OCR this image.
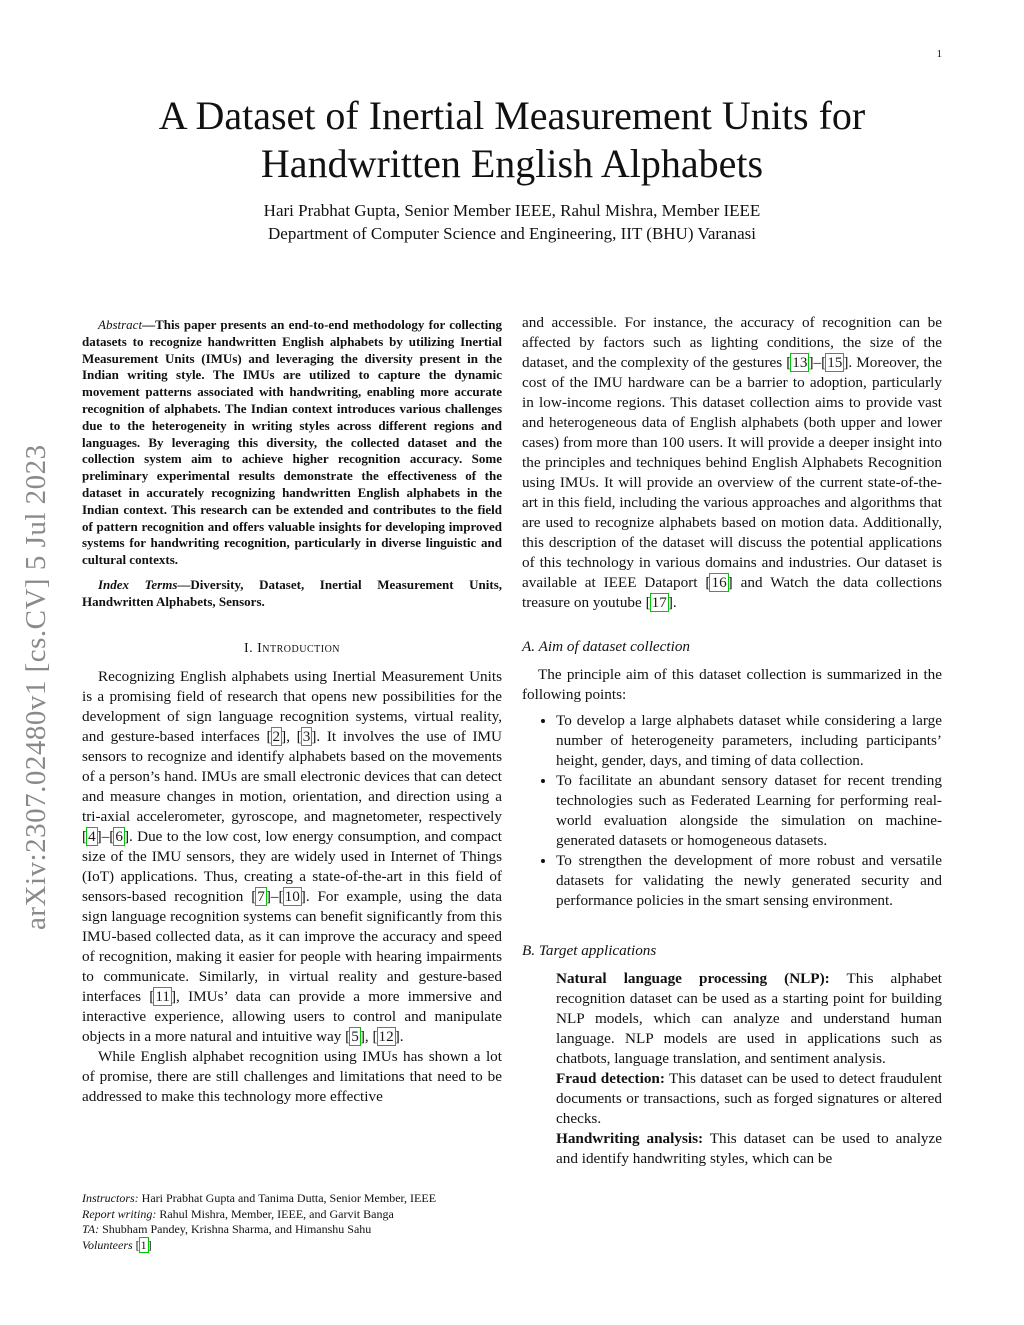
1
arXiv:2307.02480v1 [cs.CV] 5 Jul 2023
A Dataset of Inertial Measurement Units for
Handwritten English Alphabets
Hari Prabhat Gupta, Senior Member IEEE, Rahul Mishra, Member IEEE
Department of Computer Science and Engineering, IIT (BHU) Varanasi

Abstract—This paper presents an end-to-end methodology for collecting datasets to recognize handwritten English alphabets by utilizing Inertial Measurement Units (IMUs) and leveraging the diversity present in the Indian writing style. The IMUs are utilized to capture the dynamic movement patterns associated with handwriting, enabling more accurate recognition of alphabets. The Indian context introduces various challenges due to the heterogeneity in writing styles across different regions and languages. By leveraging this diversity, the collected dataset and the collection system aim to achieve higher recognition accuracy. Some preliminary experimental results demonstrate the effectiveness of the dataset in accurately recognizing handwritten English alphabets in the Indian context. This research can be extended and contributes to the field of pattern recognition and offers valuable insights for developing improved systems for handwriting recognition, particularly in diverse linguistic and cultural contexts.

Index Terms—Diversity, Dataset, Inertial Measurement Units, Handwritten Alphabets, Sensors.

I. Introduction

Recognizing English alphabets using Inertial Measurement Units is a promising field of research that opens new possibilities for the development of sign language recognition systems, virtual reality, and gesture-based interfaces [2], [3]. It involves the use of IMU sensors to recognize and identify alphabets based on the movements of a person’s hand. IMUs are small electronic devices that can detect and measure changes in motion, orientation, and direction using a tri-axial accelerometer, gyroscope, and magnetometer, respectively [4]–[6]. Due to the low cost, low energy consumption, and compact size of the IMU sensors, they are widely used in Internet of Things (IoT) applications. Thus, creating a state-of-the-art in this field of sensors-based recognition [7]–[10]. For example, using the data sign language recognition systems can benefit significantly from this IMU-based collected data, as it can improve the accuracy and speed of recognition, making it easier for people with hearing impairments to communicate. Similarly, in virtual reality and gesture-based interfaces [11], IMUs’ data can provide a more immersive and interactive experience, allowing users to control and manipulate objects in a more natural and intuitive way [5], [12].

While English alphabet recognition using IMUs has shown a lot of promise, there are still challenges and limitations that need to be addressed to make this technology more effective

Instructors: Hari Prabhat Gupta and Tanima Dutta, Senior Member, IEEE
Report writing: Rahul Mishra, Member, IEEE, and Garvit Banga
TA: Shubham Pandey, Krishna Sharma, and Himanshu Sahu
Volunteers [1]

and accessible. For instance, the accuracy of recognition can be affected by factors such as lighting conditions, the size of the dataset, and the complexity of the gestures [13]–[15]. Moreover, the cost of the IMU hardware can be a barrier to adoption, particularly in low-income regions. This dataset collection aims to provide vast and heterogeneous data of English alphabets (both upper and lower cases) from more than 100 users. It will provide a deeper insight into the principles and techniques behind English Alphabets Recognition using IMUs. It will provide an overview of the current state-of-the-art in this field, including the various approaches and algorithms that are used to recognize alphabets based on motion data. Additionally, this description of the dataset will discuss the potential applications of this technology in various domains and industries. Our dataset is available at IEEE Dataport [16] and Watch the data collections treasure on youtube [17].

A. Aim of dataset collection

The principle aim of this dataset collection is summarized in the following points:

• To develop a large alphabets dataset while considering a large number of heterogeneity parameters, including participants’ height, gender, days, and timing of data collection.
• To facilitate an abundant sensory dataset for recent trending technologies such as Federated Learning for performing real-world evaluation alongside the simulation on machine-generated datasets or homogeneous datasets.
• To strengthen the development of more robust and versatile datasets for validating the newly generated security and performance policies in the smart sensing environment.
B. Target applications

Natural language processing (NLP): This alphabet recognition dataset can be used as a starting point for building NLP models, which can analyze and understand human language. NLP models are used in applications such as chatbots, language translation, and sentiment analysis.

Fraud detection: This dataset can be used to detect fraudulent documents or transactions, such as forged signatures or altered checks.

Handwriting analysis: This dataset can be used to analyze and identify handwriting styles, which can be
